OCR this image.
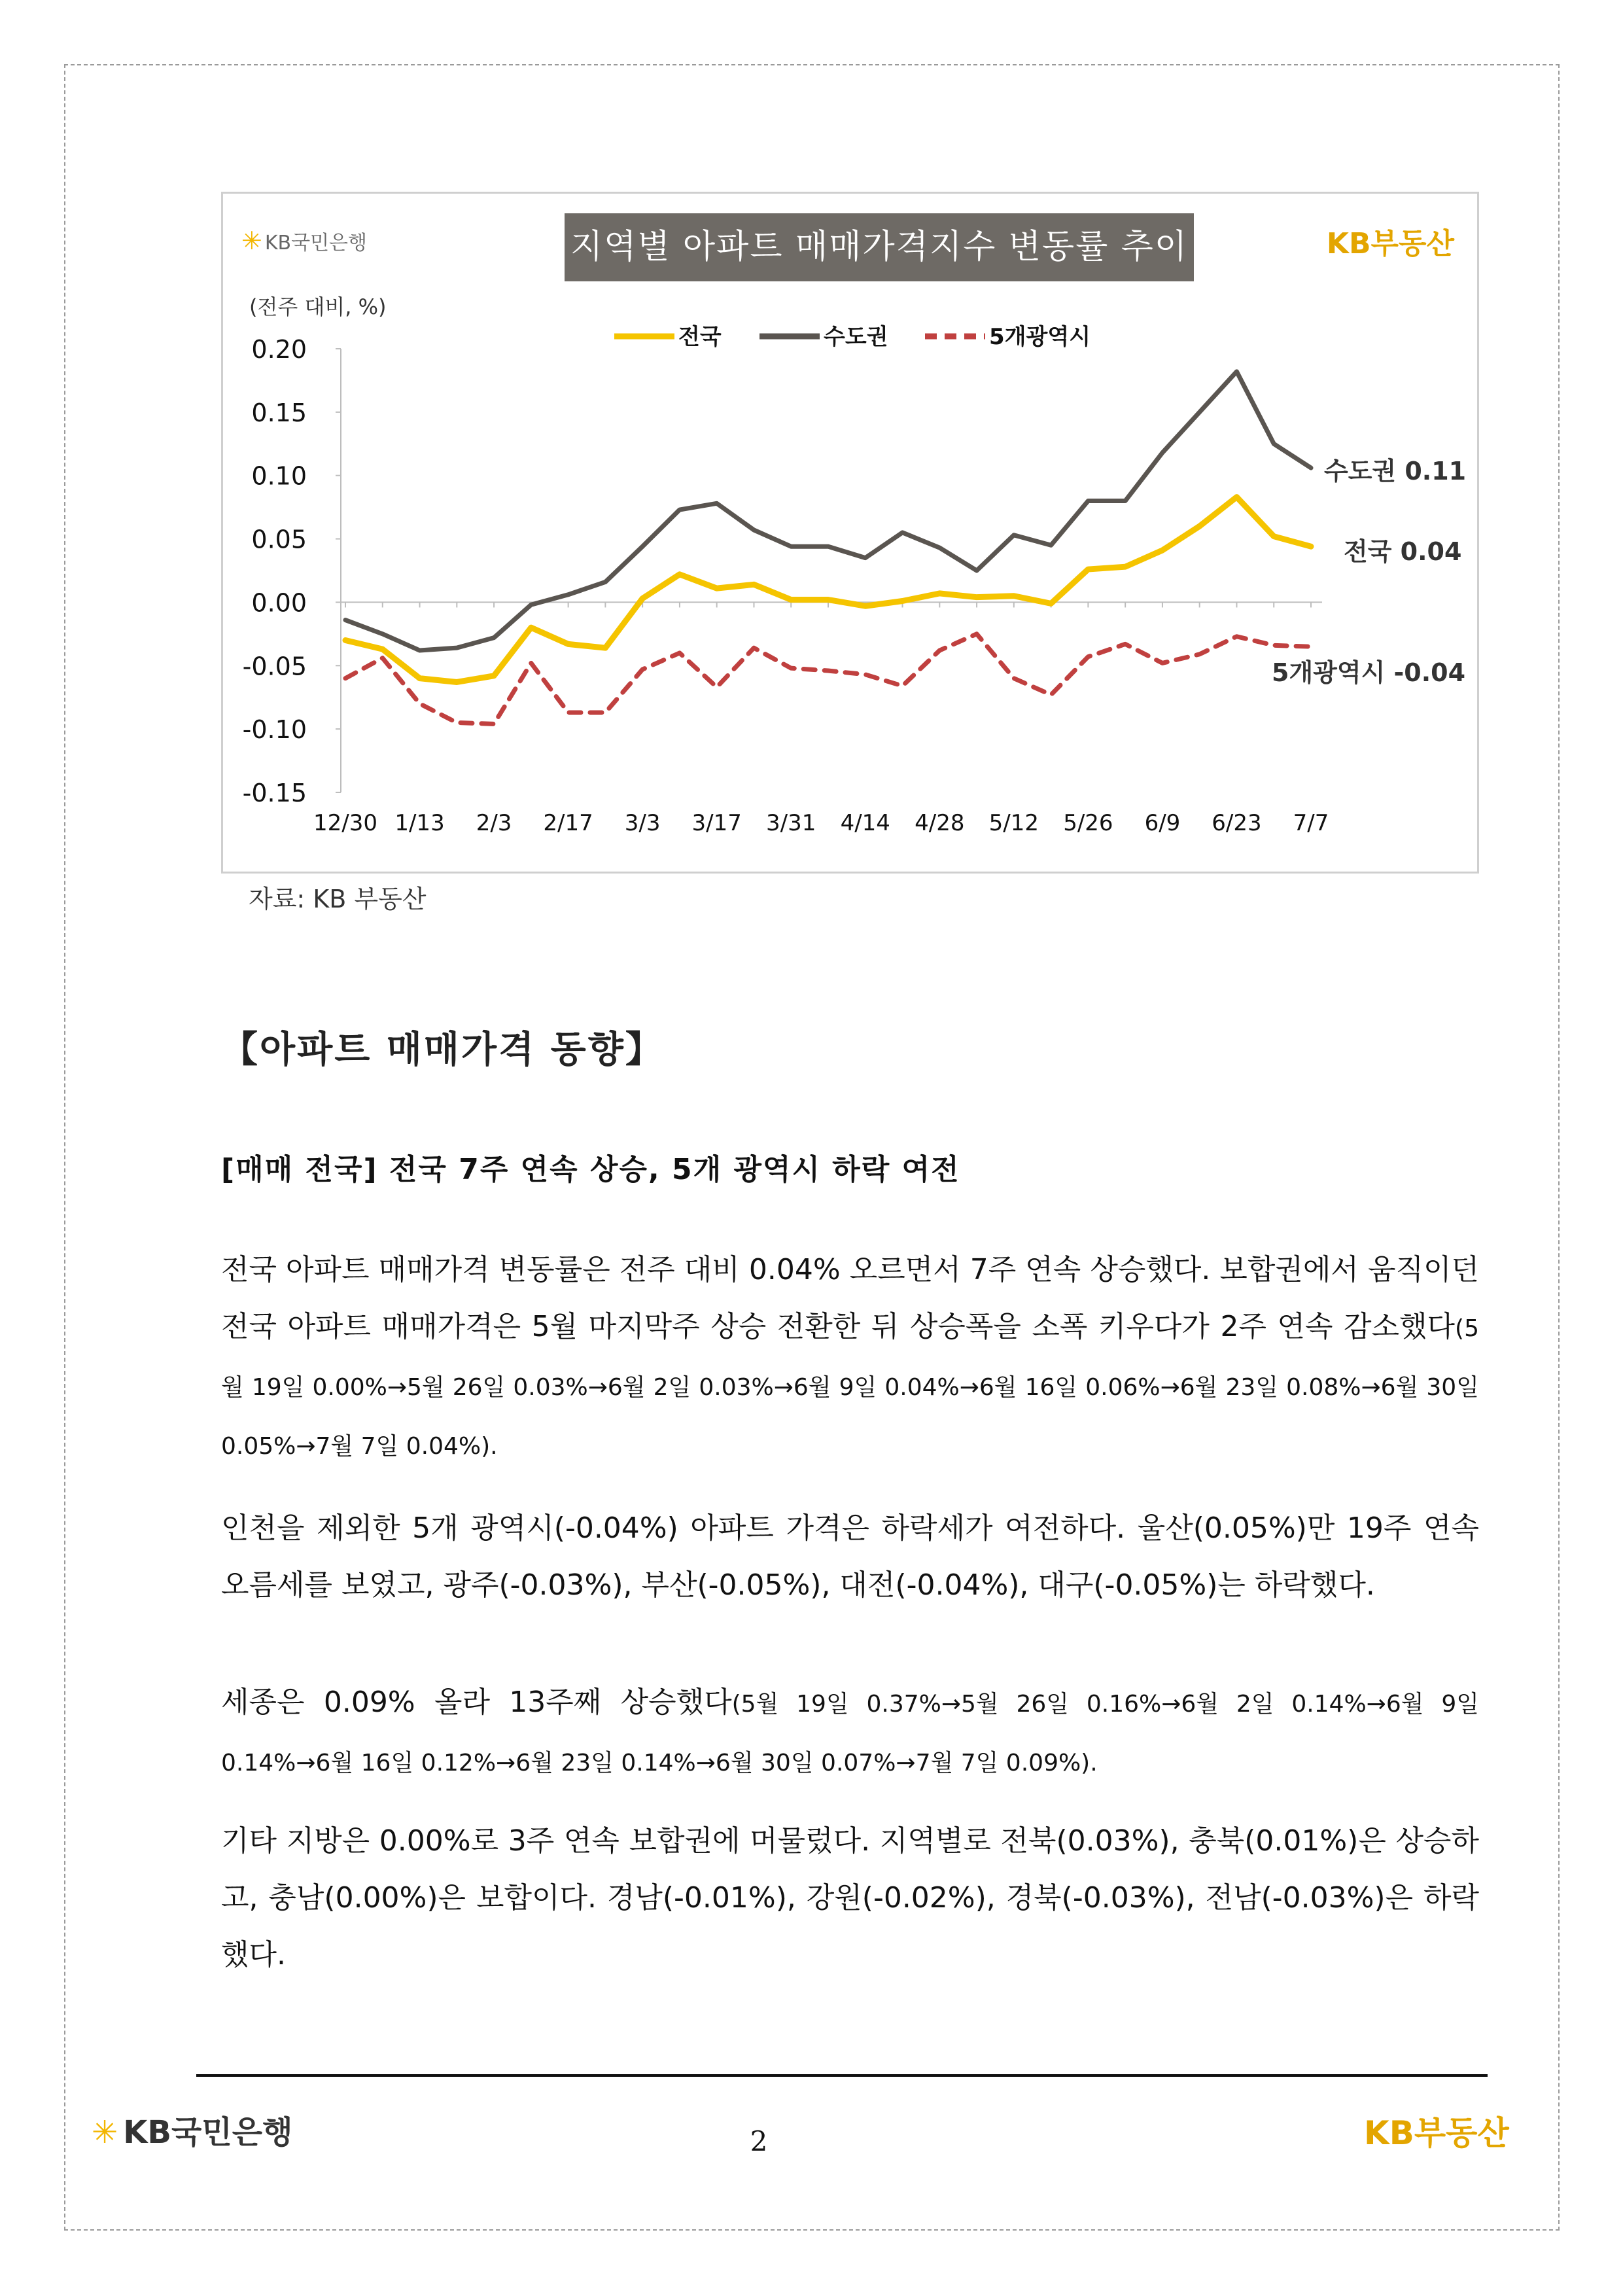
✳ KB국민은행	지역별 아파트 매매가격지수 변동률 추이	KB부동산
(전주 대비, %)
0.20
0.15
0.10
0.05
0.00
-0.05
-0.10
-0.15
12/30 1/13 2/3 2/17 3/3 3/17 3/31 4/14 4/28 5/12 5/26 6/9 6/23 7/7
전국	수도권	5개광역시
수도권 0.11
전국 0.04
5개광역시 -0.04
자료: KB 부동산
【아파트 매매가격 동향】
[매매 전국] 전국 7주 연속 상승, 5개 광역시 하락 여전
전국 아파트 매매가격 변동률은 전주 대비 0.04% 오르면서 7주 연속 상승했다. 보합권에서 움직이던 전국 아파트 매매가격은 5월 마지막주 상승 전환한 뒤 상승폭을 소폭 키우다가 2주 연속 감소했다(5월 19일 0.00%→5월 26일 0.03%→6월 2일 0.03%→6월 9일 0.04%→6월 16일 0.06%→6월 23일 0.08%→6월 30일 0.05%→7월 7일 0.04%).
인천을 제외한 5개 광역시(-0.04%) 아파트 가격은 하락세가 여전하다. 울산(0.05%)만 19주 연속 오름세를 보였고, 광주(-0.03%), 부산(-0.05%), 대전(-0.04%), 대구(-0.05%)는 하락했다.
세종은 0.09% 올라 13주째 상승했다(5월 19일 0.37%→5월 26일 0.16%→6월 2일 0.14%→6월 9일 0.14%→6월 16일 0.12%→6월 23일 0.14%→6월 30일 0.07%→7월 7일 0.09%).
기타 지방은 0.00%로 3주 연속 보합권에 머물렀다. 지역별로 전북(0.03%), 충북(0.01%)은 상승하고, 충남(0.00%)은 보합이다. 경남(-0.01%), 강원(-0.02%), 경북(-0.03%), 전남(-0.03%)은 하락했다.
✳ KB국민은행	2	KB부동산
